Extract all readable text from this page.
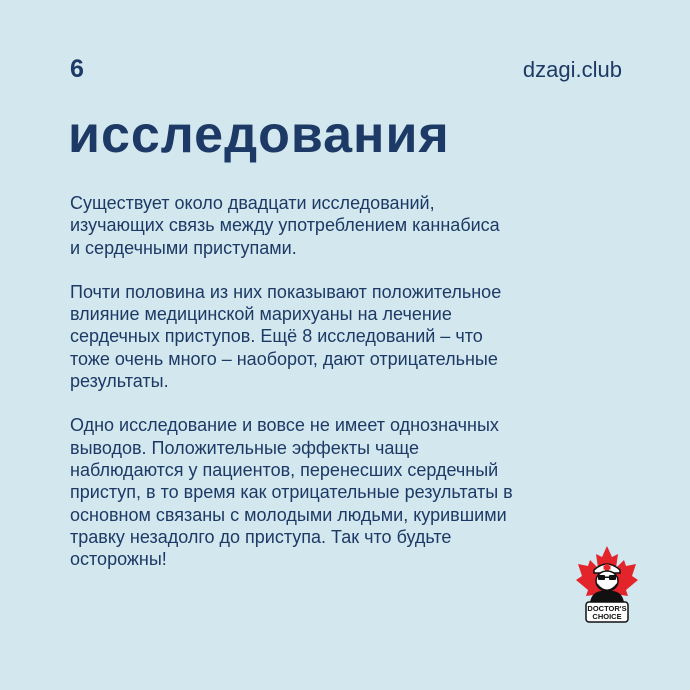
6	dzagi.club
исследования

Существует около двадцати исследований,
изучающих связь между употреблением каннабиса
и сердечными приступами.

Почти половина из них показывают положительное
влияние медицинской марихуаны на лечение
сердечных приступов. Ещё 8 исследований – что
тоже очень много – наоборот, дают отрицательные
результаты.

Одно исследование и вовсе не имеет однозначных
выводов. Положительные эффекты чаще
наблюдаются у пациентов, перенесших сердечный
приступ, в то время как отрицательные результаты в
основном связаны с молодыми людьми, курившими
травку незадолго до приступа. Так что будьте
осторожны!

DOCTOR'S
CHOICE
